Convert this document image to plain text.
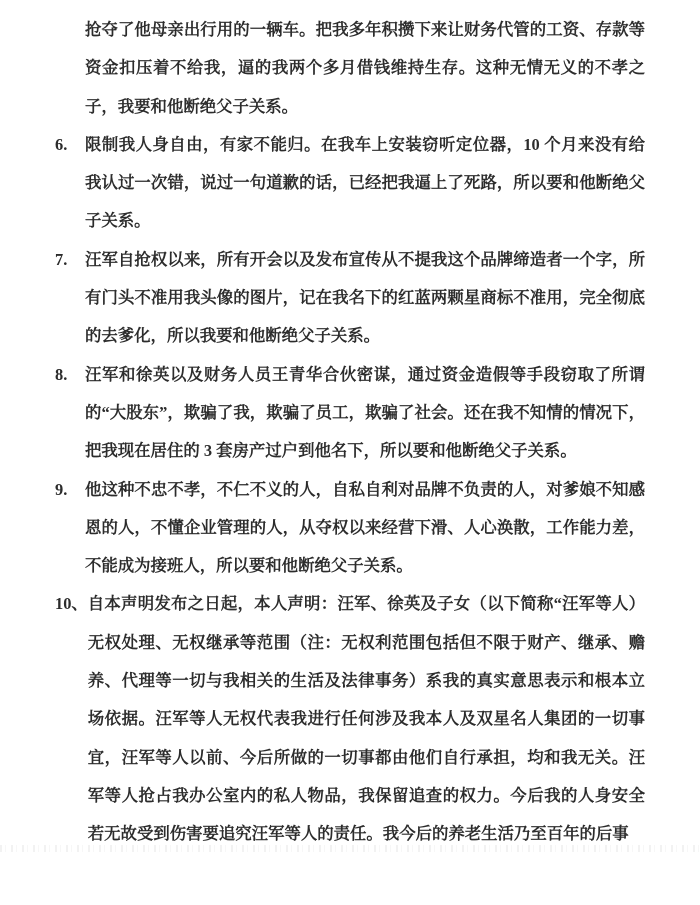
抢夺了他母亲出行用的一辆车。把我多年积攒下来让财务代管的工资、存款等资金扣压着不给我，逼的我两个多月借钱维持生存。这种无情无义的不孝之子，我要和他断绝父子关系。

6.	限制我人身自由，有家不能归。在我车上安装窃听定位器，10 个月来没有给我认过一次错，说过一句道歉的话，已经把我逼上了死路，所以要和他断绝父子关系。

7.	汪军自抢权以来，所有开会以及发布宣传从不提我这个品牌缔造者一个字，所有门头不准用我头像的图片，记在我名下的红蓝两颗星商标不准用，完全彻底的去爹化，所以我要和他断绝父子关系。

8.	汪军和徐英以及财务人员王青华合伙密谋，通过资金造假等手段窃取了所谓的“大股东”，欺骗了我，欺骗了员工，欺骗了社会。还在我不知情的情况下，把我现在居住的 3 套房产过户到他名下，所以要和他断绝父子关系。

9.	他这种不忠不孝，不仁不义的人，自私自利对品牌不负责的人，对爹娘不知感恩的人，不懂企业管理的人，从夺权以来经营下滑、人心涣散，工作能力差，不能成为接班人，所以要和他断绝父子关系。

10、 自本声明发布之日起，本人声明：汪军、徐英及子女（以下简称“汪军等人）无权处理、无权继承等范围（注：无权利范围包括但不限于财产、继承、赡养、代理等一切与我相关的生活及法律事务）系我的真实意思表示和根本立场依据。汪军等人无权代表我进行任何涉及我本人及双星名人集团的一切事宜，汪军等人以前、今后所做的一切事都由他们自行承担，均和我无关。汪军等人抢占我办公室内的私人物品，我保留追查的权力。今后我的人身安全若无故受到伤害要追究汪军等人的责任。我今后的养老生活乃至百年的后事
